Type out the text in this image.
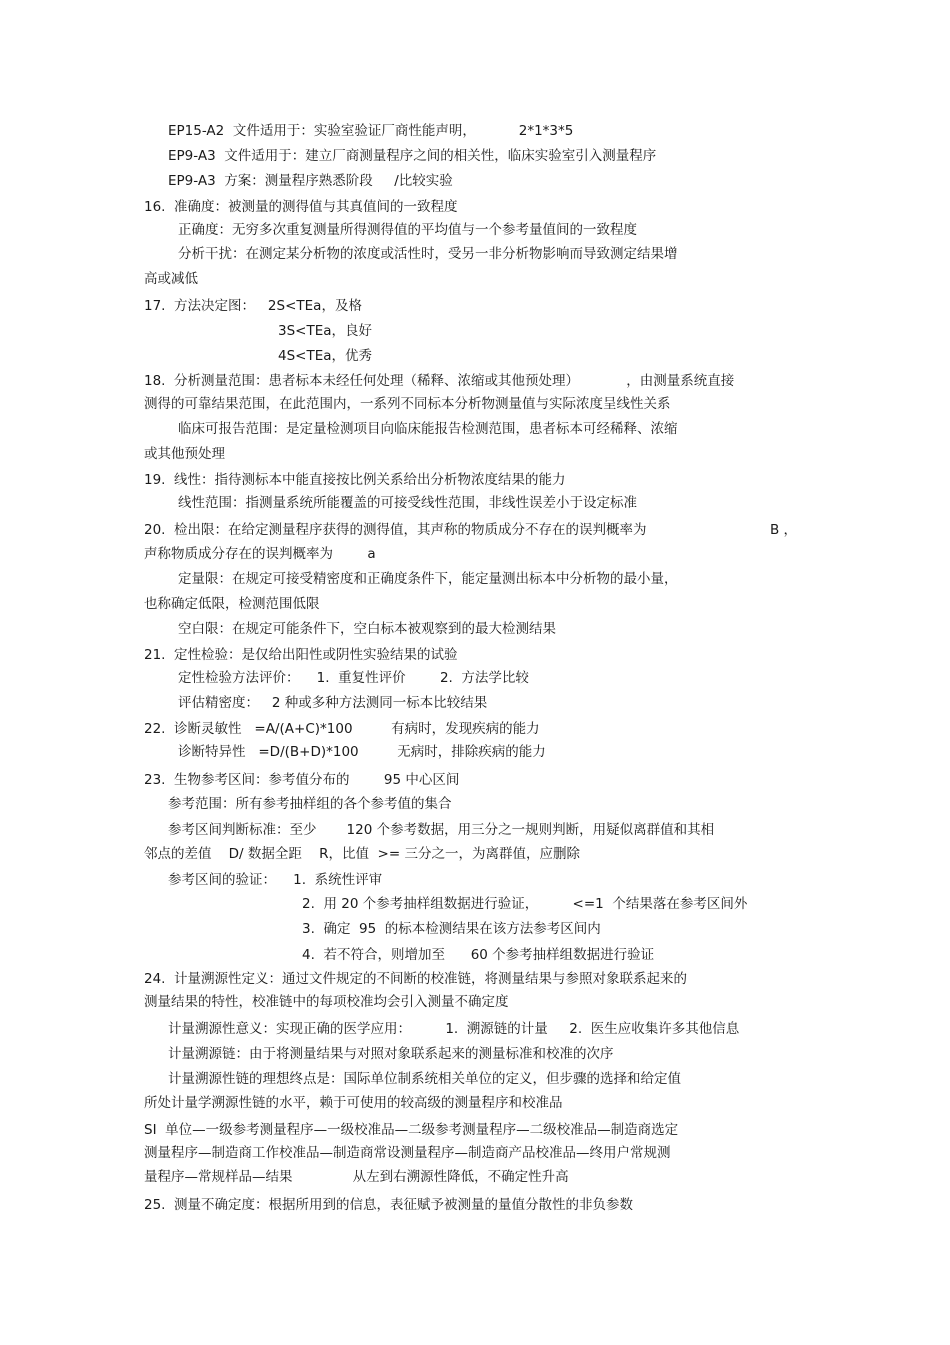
EP15-A2  文件适用于：实验室验证厂商性能声明，          2*1*3*5
EP9-A3  文件适用于：建立厂商测量程序之间的相关性，临床实验室引入测量程序
EP9-A3  方案：测量程序熟悉阶段     /比较实验
16.  准确度：被测量的测得值与其真值间的一致程度
正确度：无穷多次重复测量所得测得值的平均值与一个参考量值间的一致程度
分析干扰：在测定某分析物的浓度或活性时，受另一非分析物影响而导致测定结果增
高或减低
17.  方法决定图：   2S<TEa，及格
3S<TEa，良好
4S<TEa，优秀
18.  分析测量范围：患者标本未经任何处理（稀释、浓缩或其他预处理）           ，由测量系统直接
测得的可靠结果范围，在此范围内，一系列不同标本分析物测量值与实际浓度呈线性关系
临床可报告范围：是定量检测项目向临床能报告检测范围，患者标本可经稀释、浓缩
或其他预处理
19.  线性：指待测标本中能直接按比例关系给出分析物浓度结果的能力
线性范围：指测量系统所能覆盖的可接受线性范围，非线性误差小于设定标准
20.  检出限：在给定测量程序获得的测得值，其声称的物质成分不存在的误判概率为	B ，
声称物质成分存在的误判概率为        a
定量限：在规定可接受精密度和正确度条件下，能定量测出标本中分析物的最小量，
也称确定低限，检测范围低限
空白限：在规定可能条件下，空白标本被观察到的最大检测结果
21.  定性检验：是仅给出阳性或阴性实验结果的试验
定性检验方法评价：    1.  重复性评价        2.  方法学比较
评估精密度：   2 种或多种方法测同一标本比较结果
22.  诊断灵敏性   =A/(A+C)*100         有病时，发现疾病的能力
诊断特异性   =D/(B+D)*100         无病时，排除疾病的能力
23.  生物参考区间：参考值分布的        95 中心区间
参考范围：所有参考抽样组的各个参考值的集合
参考区间判断标准：至少       120 个参考数据，用三分之一规则判断，用疑似离群值和其相
邻点的差值    D/ 数据全距    R，比值  >= 三分之一，为离群值，应删除
参考区间的验证：    1.  系统性评审
2.  用 20 个参考抽样组数据进行验证，        <=1  个结果落在参考区间外
3.  确定  95  的标本检测结果在该方法参考区间内
4.  若不符合，则增加至      60 个参考抽样组数据进行验证
24.  计量溯源性定义：通过文件规定的不间断的校准链，将测量结果与参照对象联系起来的
测量结果的特性，校准链中的每项校准均会引入测量不确定度
计量溯源性意义：实现正确的医学应用：        1.  溯源链的计量     2.  医生应收集许多其他信息
计量溯源链：由于将测量结果与对照对象联系起来的测量标准和校准的次序
计量溯源性链的理想终点是：国际单位制系统相关单位的定义，但步骤的选择和给定值
所处计量学溯源性链的水平，赖于可使用的较高级的测量程序和校准品
SI  单位—一级参考测量程序—一级校准品—二级参考测量程序—二级校准品—制造商选定
测量程序—制造商工作校准品—制造商常设测量程序—制造商产品校准品—终用户常规测
量程序—常规样品—结果              从左到右溯源性降低，不确定性升高
25.  测量不确定度：根据所用到的信息，表征赋予被测量的量值分散性的非负参数
